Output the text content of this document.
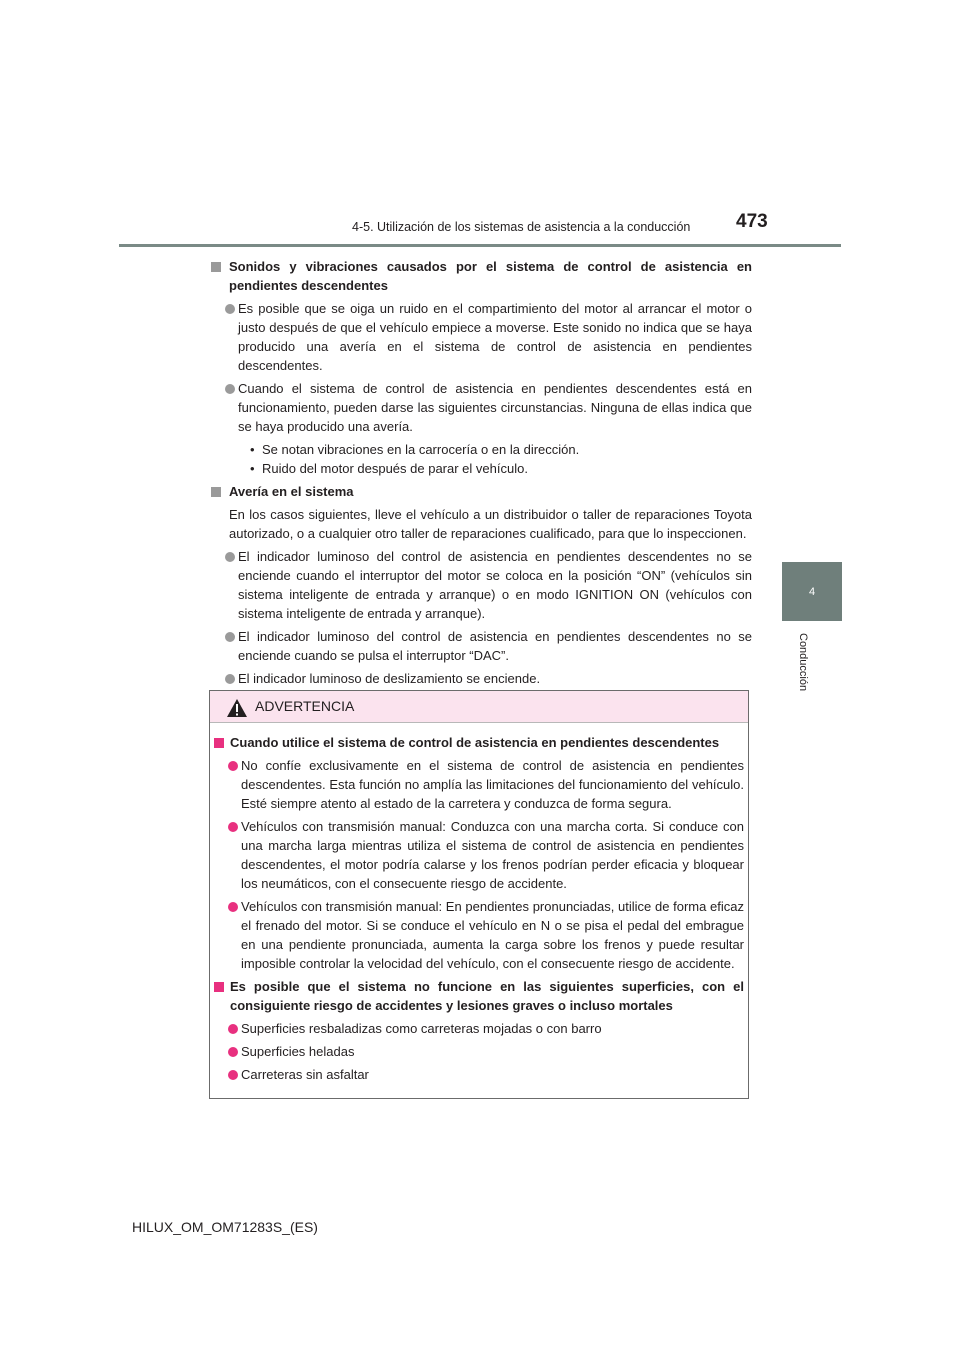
4-5. Utilización de los sistemas de asistencia a la conducción	473
4
Conducción
Sonidos y vibraciones causados por el sistema de control de asistencia en pendientes descendentes
Es posible que se oiga un ruido en el compartimiento del motor al arrancar el motor o justo después de que el vehículo empiece a moverse. Este sonido no indica que se haya producido una avería en el sistema de control de asistencia en pendientes descendentes.
Cuando el sistema de control de asistencia en pendientes descendentes está en funcionamiento, pueden darse las siguientes circunstancias. Ninguna de ellas indica que se haya producido una avería.
• Se notan vibraciones en la carrocería o en la dirección.
• Ruido del motor después de parar el vehículo.
Avería en el sistema
En los casos siguientes, lleve el vehículo a un distribuidor o taller de reparaciones Toyota autorizado, o a cualquier otro taller de reparaciones cualificado, para que lo inspeccionen.
El indicador luminoso del control de asistencia en pendientes descendentes no se enciende cuando el interruptor del motor se coloca en la posición “ON” (vehículos sin sistema inteligente de entrada y arranque) o en modo IGNITION ON (vehículos con sistema inteligente de entrada y arranque).
El indicador luminoso del control de asistencia en pendientes descendentes no se enciende cuando se pulsa el interruptor “DAC”.
El indicador luminoso de deslizamiento se enciende.
ADVERTENCIA
Cuando utilice el sistema de control de asistencia en pendientes descendentes
No confíe exclusivamente en el sistema de control de asistencia en pendientes descendentes. Esta función no amplía las limitaciones del funcionamiento del vehículo. Esté siempre atento al estado de la carretera y conduzca de forma segura.
Vehículos con transmisión manual: Conduzca con una marcha corta. Si conduce con una marcha larga mientras utiliza el sistema de control de asistencia en pendientes descendentes, el motor podría calarse y los frenos podrían perder eficacia y bloquear los neumáticos, con el consecuente riesgo de accidente.
Vehículos con transmisión manual: En pendientes pronunciadas, utilice de forma eficaz el frenado del motor. Si se conduce el vehículo en N o se pisa el pedal del embrague en una pendiente pronunciada, aumenta la carga sobre los frenos y puede resultar imposible controlar la velocidad del vehículo, con el consecuente riesgo de accidente.
Es posible que el sistema no funcione en las siguientes superficies, con el consiguiente riesgo de accidentes y lesiones graves o incluso mortales
Superficies resbaladizas como carreteras mojadas o con barro
Superficies heladas
Carreteras sin asfaltar
HILUX_OM_OM71283S_(ES)
